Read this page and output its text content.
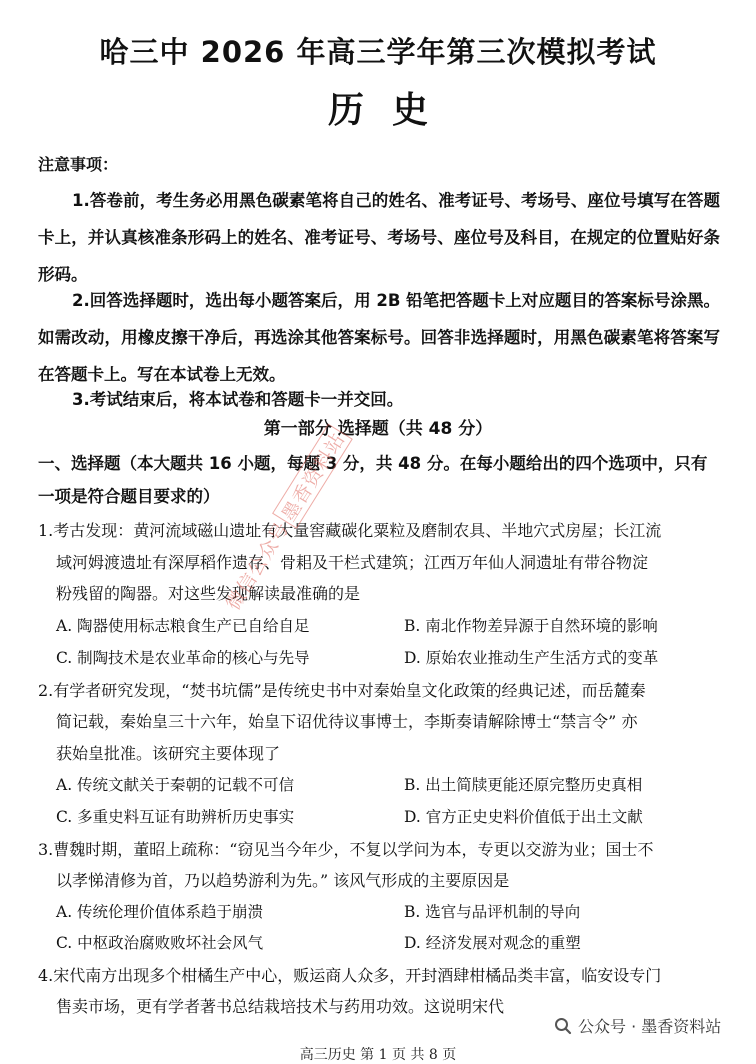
哈三中 2026 年高三学年第三次模拟考试
历史
注意事项：
1.答卷前，考生务必用黑色碳素笔将自己的姓名、准考证号、考场号、座位号填写在答题卡上，并认真核准条形码上的姓名、准考证号、考场号、座位号及科目，在规定的位置贴好条形码。
2.回答选择题时，选出每小题答案后，用 2B 铅笔把答题卡上对应题目的答案标号涂黑。如需改动，用橡皮擦干净后，再选涂其他答案标号。回答非选择题时，用黑色碳素笔将答案写在答题卡上。写在本试卷上无效。
3.考试结束后，将本试卷和答题卡一并交回。
第一部分 选择题（共 48 分）
一、选择题（本大题共 16 小题，每题 3 分，共 48 分。在每小题给出的四个选项中，只有一项是符合题目要求的）
1.考古发现：黄河流域磁山遗址有大量窖藏碳化粟粒及磨制农具、半地穴式房屋；长江流
域河姆渡遗址有深厚稻作遗存、骨耜及干栏式建筑；江西万年仙人洞遗址有带谷物淀
粉残留的陶器。对这些发现解读最准确的是
A. 陶器使用标志粮食生产已自给自足	B. 南北作物差异源于自然环境的影响
C. 制陶技术是农业革命的核心与先导	D. 原始农业推动生产生活方式的变革
2.有学者研究发现，“焚书坑儒”是传统史书中对秦始皇文化政策的经典记述，而岳麓秦
简记载，秦始皇三十六年，始皇下诏优待议事博士，李斯奏请解除博士“禁言令” 亦
获始皇批准。该研究主要体现了
A. 传统文献关于秦朝的记载不可信	B. 出土简牍更能还原完整历史真相
C. 多重史料互证有助辨析历史事实	D. 官方正史史料价值低于出土文献
3.曹魏时期，董昭上疏称：“窃见当今年少，不复以学问为本，专更以交游为业；国士不
以孝悌清修为首，乃以趋势游利为先。” 该风气形成的主要原因是
A. 传统伦理价值体系趋于崩溃	B. 选官与品评机制的导向
C. 中枢政治腐败败坏社会风气	D. 经济发展对观念的重塑
4.宋代南方出现多个柑橘生产中心，贩运商人众多，开封酒肆柑橘品类丰富，临安设专门
售卖市场，更有学者著书总结栽培技术与药用功效。这说明宋代
微信公众号墨香资料站
公众号 · 墨香资料站
高三历史 第 1 页 共 8 页
